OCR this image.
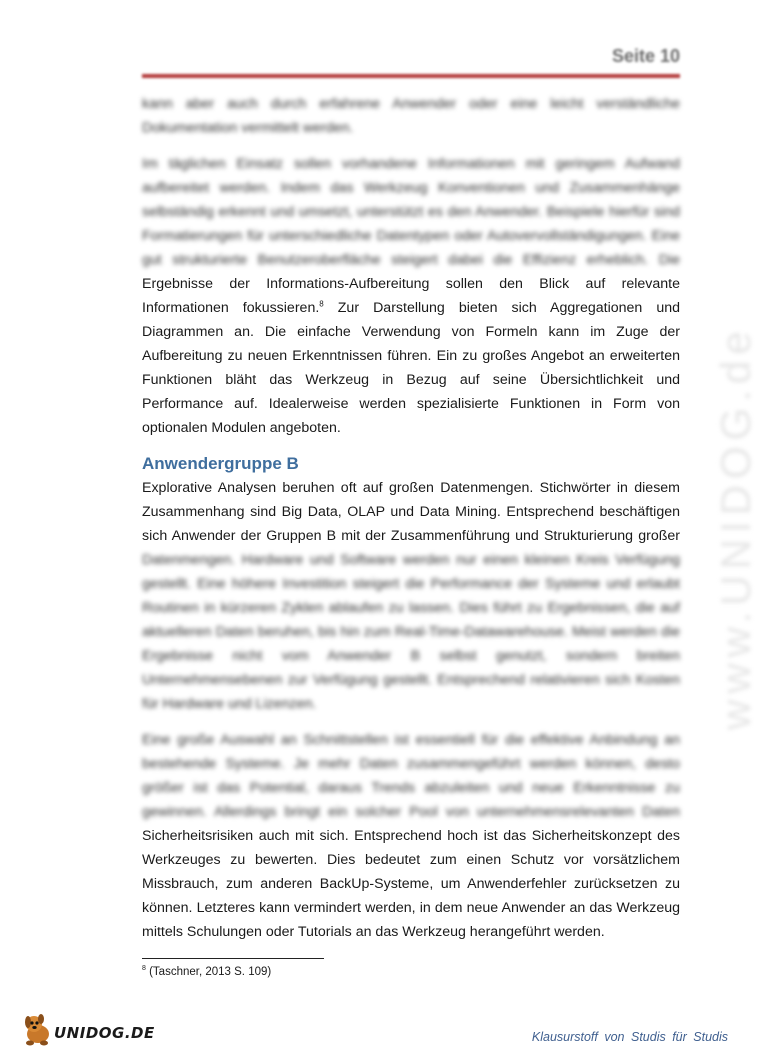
Seite 10
www.UNIDOG.de

kann aber auch durch erfahrene Anwender oder eine leicht verständliche Dokumentation vermittelt werden.

Im täglichen Einsatz sollen vorhandene Informationen mit geringem Aufwand aufbereitet werden. Indem das Werkzeug Konventionen und Zusammenhänge selbständig erkennt und umsetzt, unterstützt es den Anwender. Beispiele hierfür sind Formatierungen für unterschiedliche Datentypen oder Autovervollständigungen. Eine gut strukturierte Benutzeroberfläche steigert dabei die Effizienz erheblich. Die Ergebnisse der Informations-Aufbereitung sollen den Blick auf relevante Informationen fokussieren.$^8$ Zur Darstellung bieten sich Aggregationen und Diagrammen an. Die einfache Verwendung von Formeln kann im Zuge der Aufbereitung zu neuen Erkenntnissen führen. Ein zu großes Angebot an erweiterten Funktionen bläht das Werkzeug in Bezug auf seine Übersichtlichkeit und Performance auf. Idealerweise werden spezialisierte Funktionen in Form von optionalen Modulen angeboten.

Anwendergruppe B

Explorative Analysen beruhen oft auf großen Datenmengen. Stichwörter in diesem Zusammenhang sind Big Data, OLAP und Data Mining. Entsprechend beschäftigen sich Anwender der Gruppen B mit der Zusammenführung und Strukturierung großer Datenmengen. Hardware und Software werden nur einen kleinen Kreis Verfügung gestellt. Eine höhere Investition steigert die Performance der Systeme und erlaubt Routinen in kürzeren Zyklen ablaufen zu lassen. Dies führt zu Ergebnissen, die auf aktuelleren Daten beruhen, bis hin zum Real-Time-Datawarehouse. Meist werden die Ergebnisse nicht vom Anwender B selbst genutzt, sondern breiten Unternehmensebenen zur Verfügung gestellt. Entsprechend relativieren sich Kosten für Hardware und Lizenzen.

Eine große Auswahl an Schnittstellen ist essentiell für die effektive Anbindung an bestehende Systeme. Je mehr Daten zusammengeführt werden können, desto größer ist das Potential, daraus Trends abzuleiten und neue Erkenntnisse zu gewinnen. Allerdings bringt ein solcher Pool von unternehmensrelevanten Daten Sicherheitsrisiken auch mit sich. Entsprechend hoch ist das Sicherheitskonzept des Werkzeuges zu bewerten. Dies bedeutet zum einen Schutz vor vorsätzlichem Missbrauch, zum anderen BackUp-Systeme, um Anwenderfehler zurücksetzen zu können. Letzteres kann vermindert werden, in dem neue Anwender an das Werkzeug mittels Schulungen oder Tutorials an das Werkzeug herangeführt werden.

$^8$ (Taschner, 2013 S. 109)
UNIDOG.DE	Klausurstoff von Studis für Studis
